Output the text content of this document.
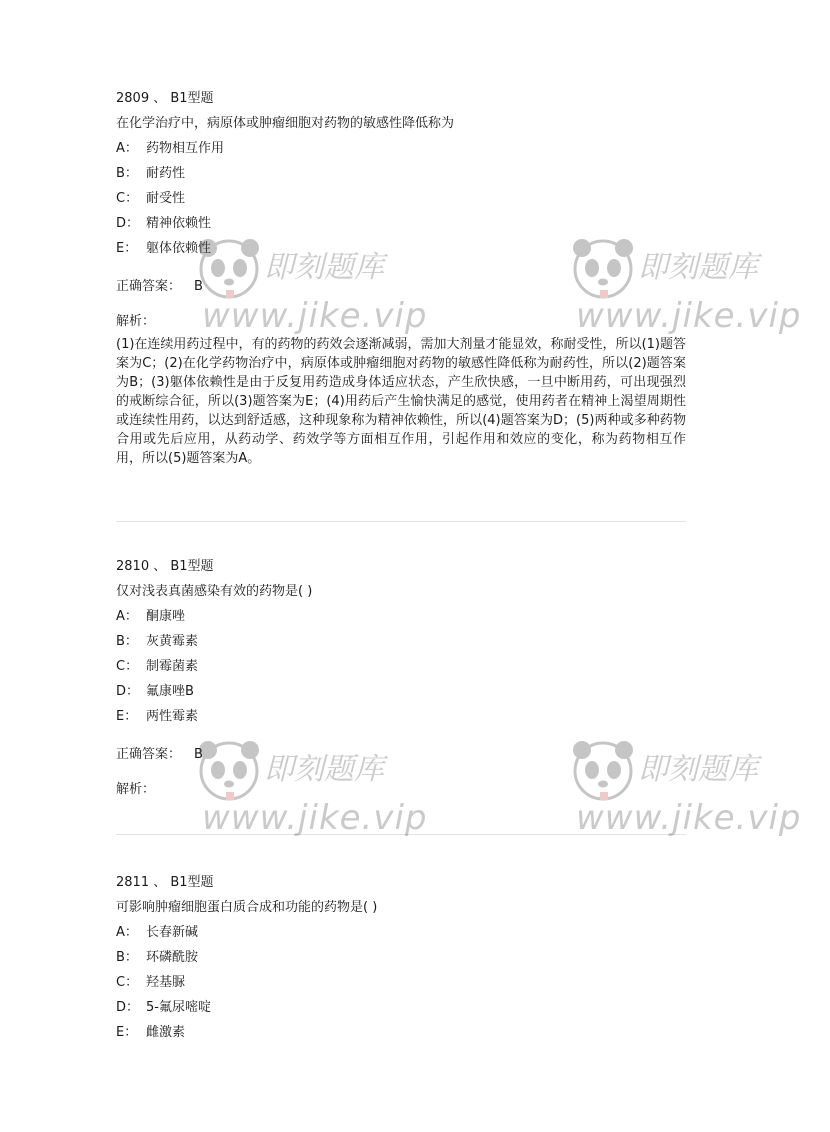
2809 、 B1型题
在化学治疗中，病原体或肿瘤细胞对药物的敏感性降低称为
A： 药物相互作用
B： 耐药性
C： 耐受性
D： 精神依赖性
E： 躯体依赖性
正确答案： B
解析：
(1)在连续用药过程中，有的药物的药效会逐渐减弱，需加大剂量才能显效，称耐受性，所以(1)题答案为C；(2)在化学药物治疗中，病原体或肿瘤细胞对药物的敏感性降低称为耐药性，所以(2)题答案为B；(3)躯体依赖性是由于反复用药造成身体适应状态，产生欣快感，一旦中断用药，可出现强烈的戒断综合征，所以(3)题答案为E；(4)用药后产生愉快满足的感觉，使用药者在精神上渴望周期性或连续性用药，以达到舒适感，这种现象称为精神依赖性，所以(4)题答案为D；(5)两种或多种药物合用或先后应用，从药动学、药效学等方面相互作用，引起作用和效应的变化，称为药物相互作用，所以(5)题答案为A。
2810 、 B1型题
仅对浅表真菌感染有效的药物是( )
A： 酮康唑
B： 灰黄霉素
C： 制霉菌素
D： 氟康唑B
E： 两性霉素
正确答案： B
解析：
2811 、 B1型题
可影响肿瘤细胞蛋白质合成和功能的药物是( )
A： 长春新碱
B： 环磷酰胺
C： 羟基脲
D： 5-氟尿嘧啶
E： 雌激素
即刻题库
www.jike.vip
即刻题库
www.jike.vip
即刻题库
www.jike.vip
即刻题库
www.jike.vip
